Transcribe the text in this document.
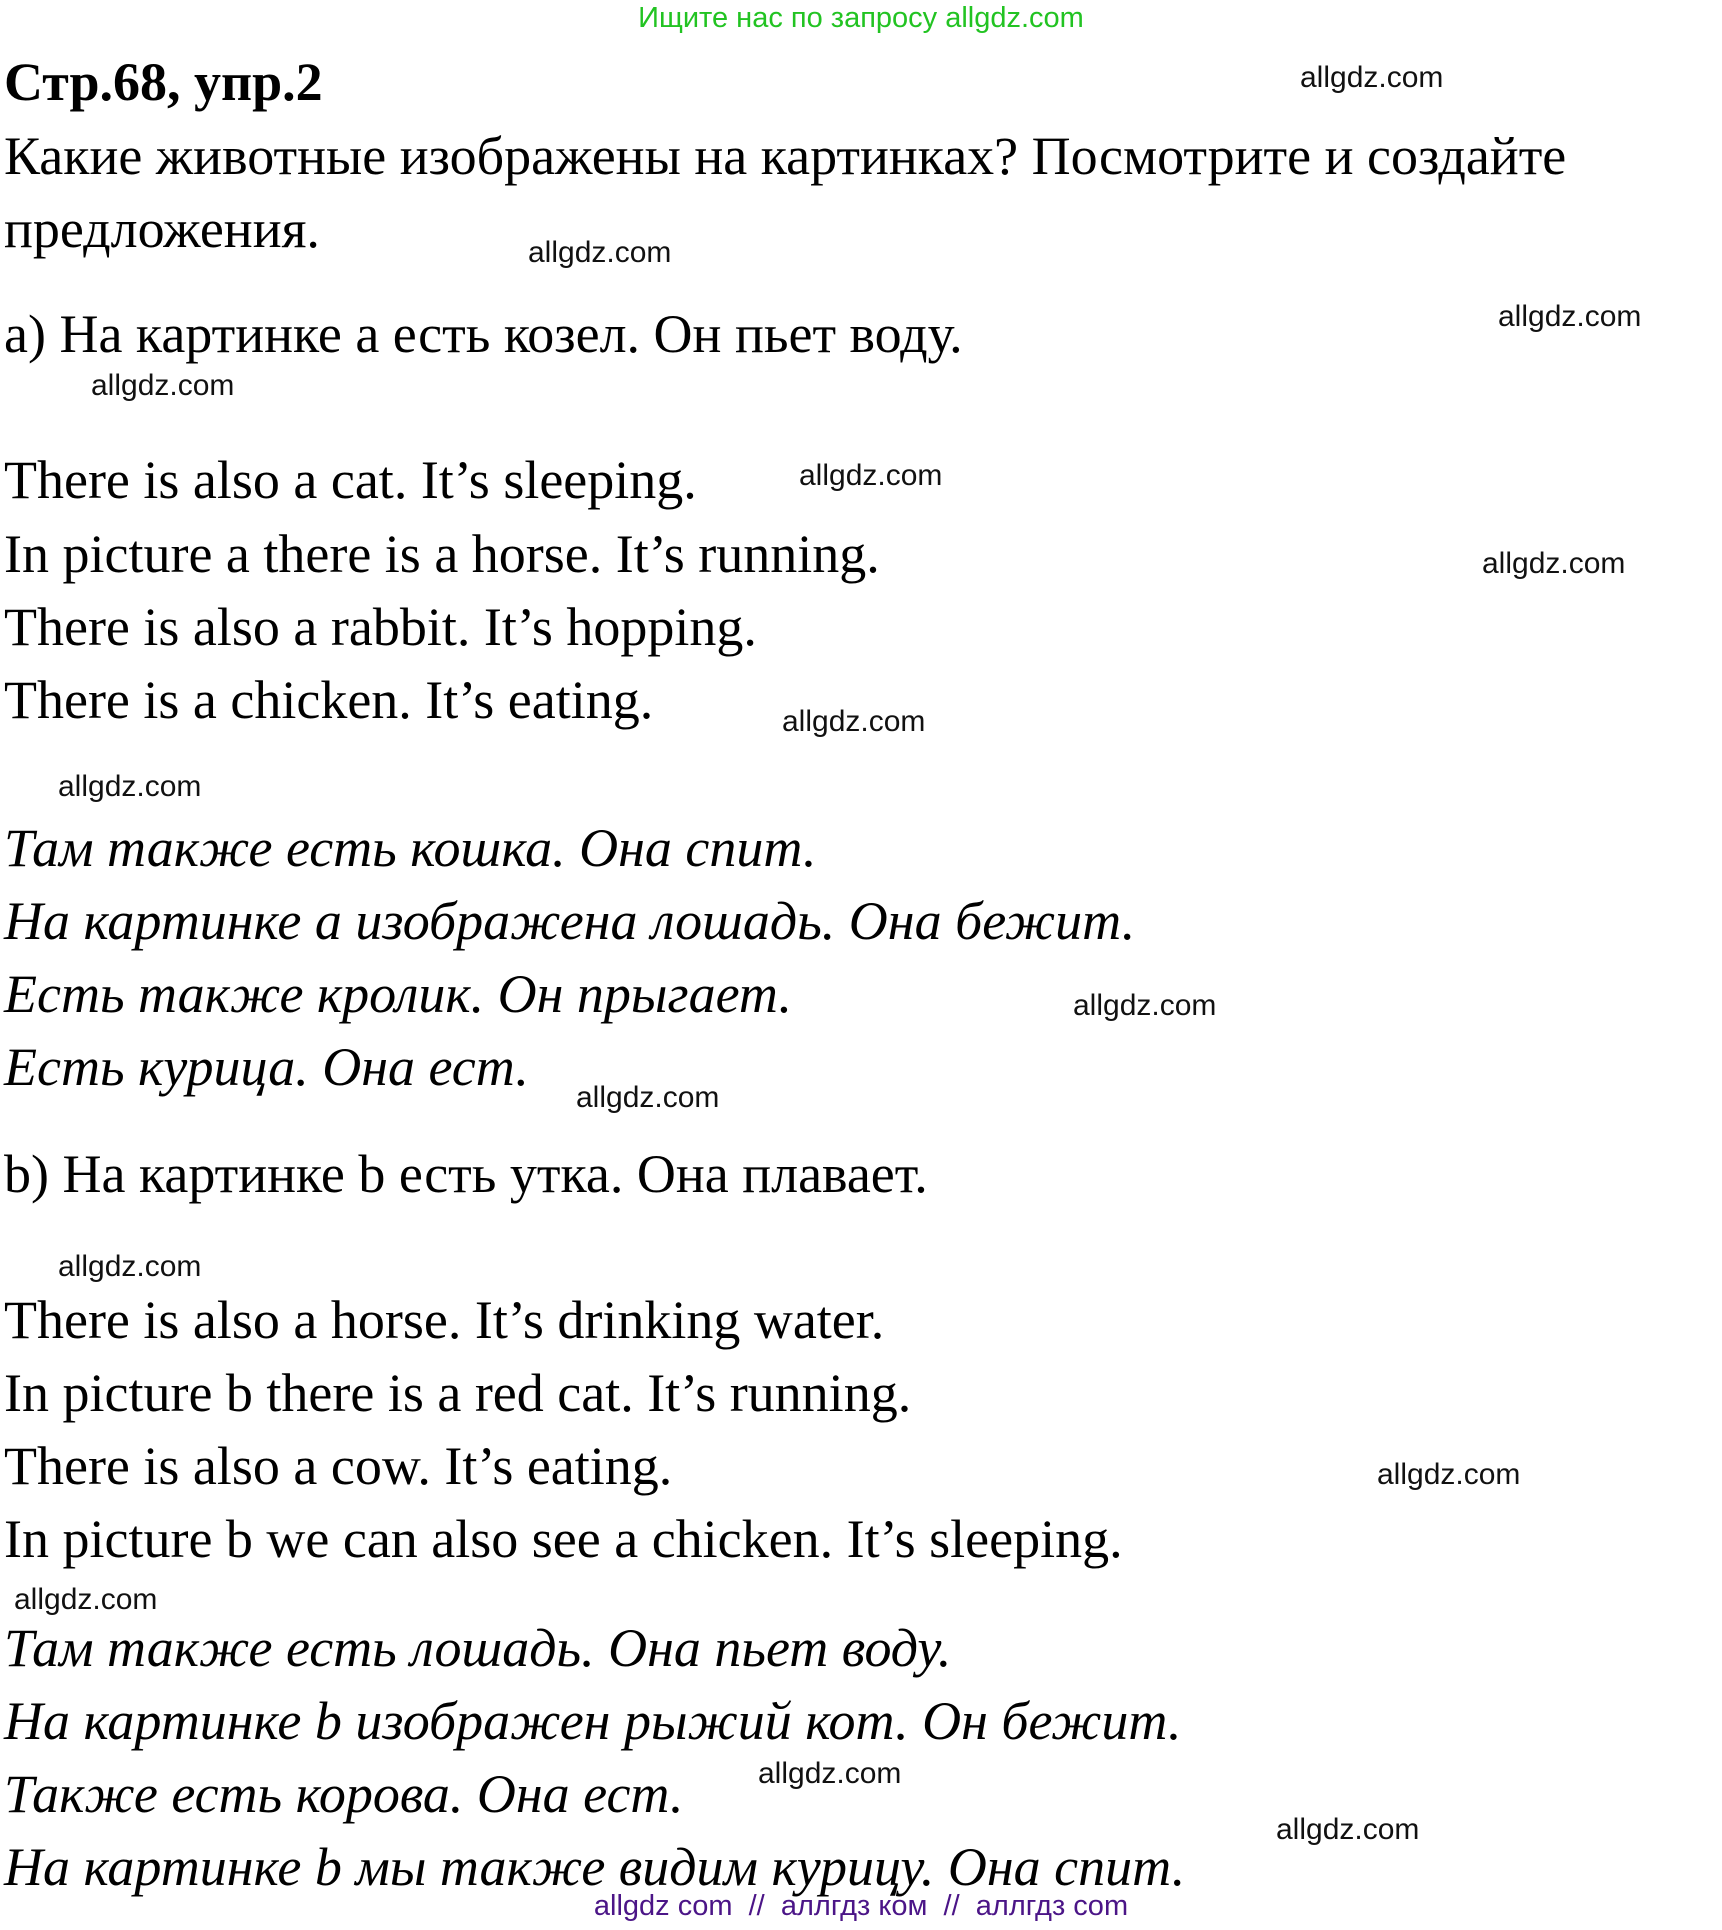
Ищите нас по запросу allgdz.com
Стр.68, упр.2
Какие животные изображены на картинках? Посмотрите и создайте
предложения.
a) На картинке a есть козел. Он пьет воду.
There is also a cat. It’s sleeping.
In picture a there is a horse. It’s running.
There is also a rabbit. It’s hopping.
There is a chicken. It’s eating.
Там также есть кошка. Она спит.
На картинке a изображена лошадь. Она бежит.
Есть также кролик. Он прыгает.
Есть курица. Она ест.
b) На картинке b есть утка. Она плавает.
There is also a horse. It’s drinking water.
In picture b there is a red cat. It’s running.
There is also a cow. It’s eating.
In picture b we can also see a chicken. It’s sleeping.
Там также есть лошадь. Она пьет воду.
На картинке b изображен рыжий кот. Он бежит.
Также есть корова. Она ест.
На картинке b мы также видим курицу. Она спит.
allgdz.com
allgdz.com
allgdz.com
allgdz.com
allgdz.com
allgdz.com
allgdz.com
allgdz.com
allgdz.com
allgdz.com
allgdz.com
allgdz.com
allgdz.com
allgdz.com
allgdz.com
allgdz com  //  аллгдз ком  //  аллгдз com
